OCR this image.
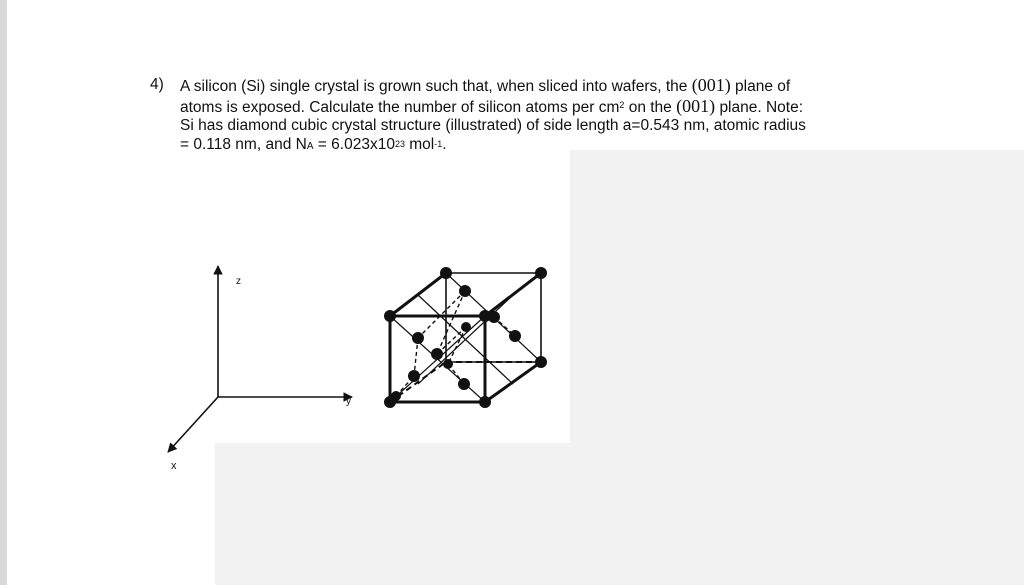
4) A silicon (Si) single crystal is grown such that, when sliced into wafers, the (001) plane of
atoms is exposed. Calculate the number of silicon atoms per $cm^2$ on the (001) plane. Note:
Si has diamond cubic crystal structure (illustrated) of side length a=0.543 nm, atomic radius
= 0.118 nm, and NA = $6.023x10^{23}$ mol$^{-1}$.
z
y
x
